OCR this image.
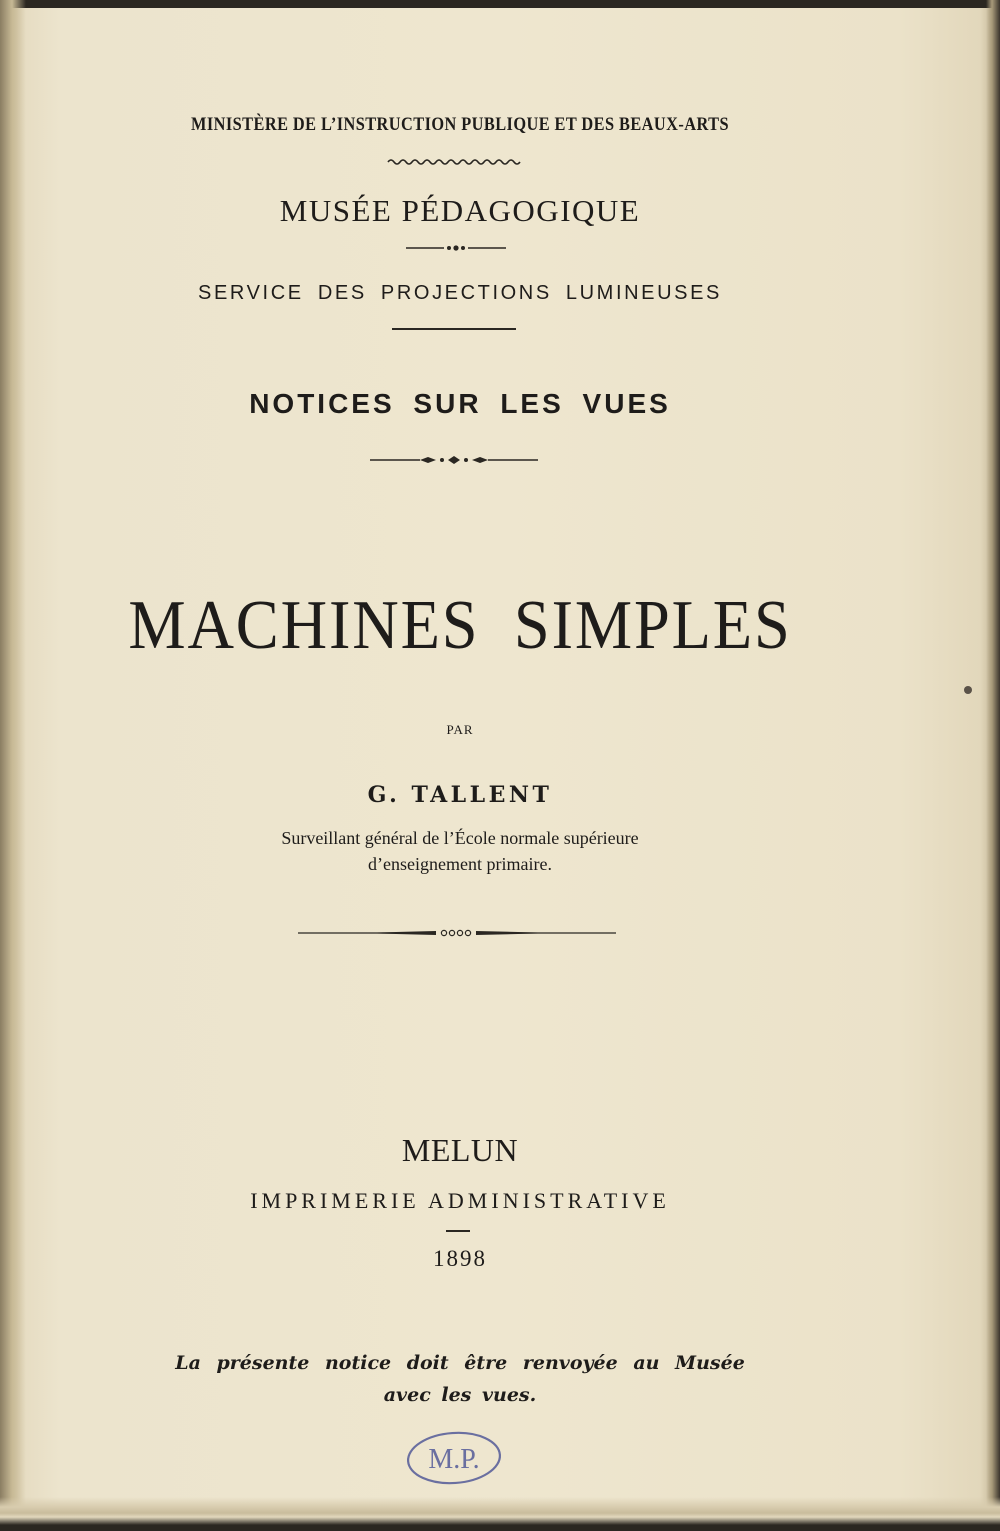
MINISTÈRE DE L’INSTRUCTION PUBLIQUE ET DES BEAUX-ARTS
MUSÉE PÉDAGOGIQUE
SERVICE DES PROJECTIONS LUMINEUSES
NOTICES SUR LES VUES
MACHINES SIMPLES
PAR
G. TALLENT
Surveillant général de l’École normale supérieure
d’enseignement primaire.
MELUN
IMPRIMERIE ADMINISTRATIVE
1898
La présente notice doit être renvoyée au Musée
avec les vues.
M.P.
